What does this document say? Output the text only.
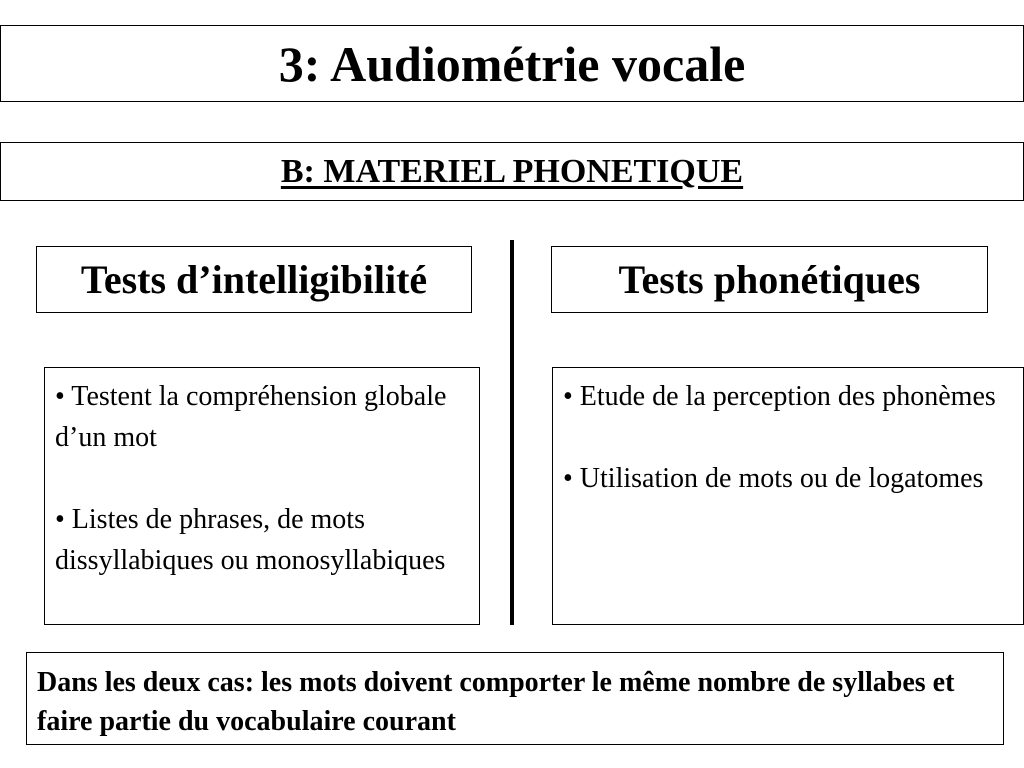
3: Audiométrie vocale
B: MATERIEL PHONETIQUE
Tests d’intelligibilité	Tests phonétiques

• Testent la compréhension globale d’un mot

• Listes de phrases, de mots dissyllabiques ou monosyllabiques

• Etude de la perception des phonèmes

• Utilisation de mots ou de logatomes

Dans les deux cas: les mots doivent comporter le même nombre de syllabes et faire partie du vocabulaire courant
